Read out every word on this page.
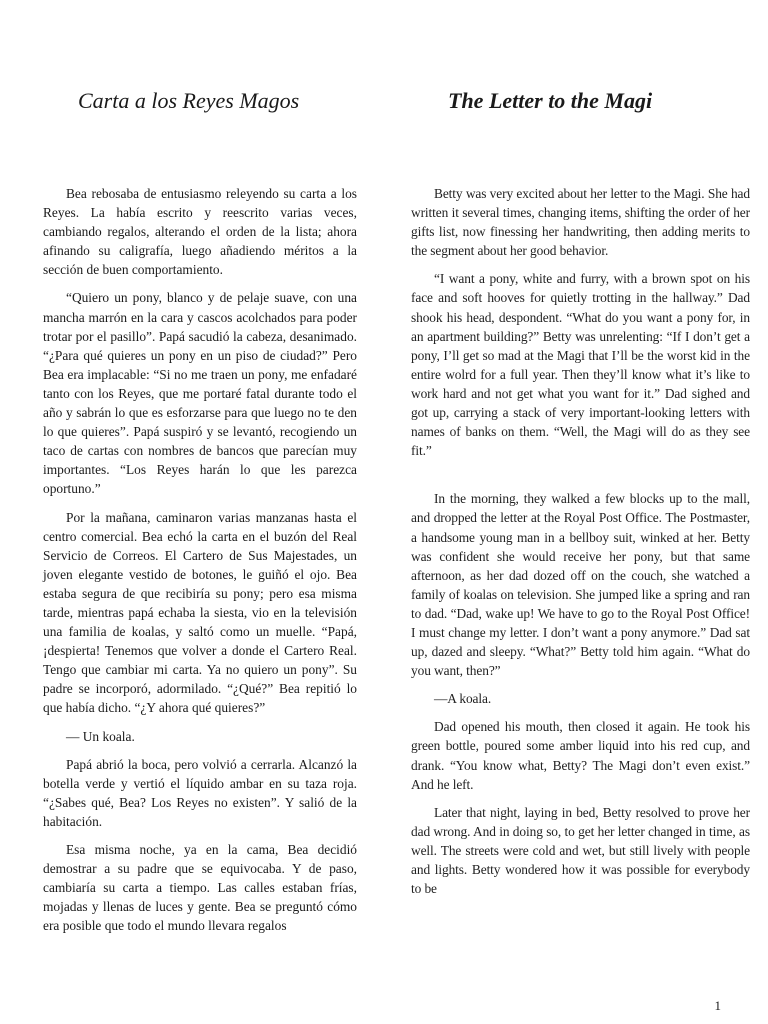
Carta a los Reyes Magos	The Letter to the Magi

Bea rebosaba de entusiasmo releyendo su carta a los Reyes. La había escrito y reescrito varias veces, cambiando regalos, alterando el orden de la lista; ahora afinando su caligrafía, luego añadiendo méritos a la sección de buen comportamiento.

“Quiero un pony, blanco y de pelaje suave, con una mancha marrón en la cara y cascos acolchados para poder trotar por el pasillo”. Papá sacudió la cabeza, desanimado. “¿Para qué quieres un pony en un piso de ciudad?” Pero Bea era implacable: “Si no me traen un pony, me enfadaré tanto con los Reyes, que me portaré fatal durante todo el año y sabrán lo que es esforzarse para que luego no te den lo que quieres”. Papá suspiró y se levantó, recogiendo un taco de cartas con nombres de bancos que parecían muy importantes. “Los Reyes harán lo que les parezca oportuno.”

Por la mañana, caminaron varias manzanas hasta el centro comercial. Bea echó la carta en el buzón del Real Servicio de Correos. El Cartero de Sus Majestades, un joven elegante vestido de botones, le guiñó el ojo. Bea estaba segura de que recibiría su pony; pero esa misma tarde, mientras papá echaba la siesta, vio en la televisión una familia de koalas, y saltó como un muelle. “Papá, ¡despierta! Tenemos que volver a donde el Cartero Real. Tengo que cambiar mi carta. Ya no quiero un pony”. Su padre se incorporó, adormilado. “¿Qué?” Bea repitió lo que había dicho. “¿Y ahora qué quieres?”

— Un koala.

Papá abrió la boca, pero volvió a cerrarla. Alcanzó la botella verde y vertió el líquido ambar en su taza roja. “¿Sabes qué, Bea? Los Reyes no existen”. Y salió de la habitación.

Esa misma noche, ya en la cama, Bea decidió demostrar a su padre que se equivocaba. Y de paso, cambiaría su carta a tiempo. Las calles estaban frías, mojadas y llenas de luces y gente. Bea se preguntó cómo era posible que todo el mundo llevara regalos

Betty was very excited about her letter to the Magi. She had written it several times, changing items, shifting the order of her gifts list, now finessing her handwriting, then adding merits to the segment about her good behavior.

“I want a pony, white and furry, with a brown spot on his face and soft hooves for quietly trotting in the hallway.” Dad shook his head, despondent. “What do you want a pony for, in an apartment building?” Betty was unrelenting: “If I don’t get a pony, I’ll get so mad at the Magi that I’ll be the worst kid in the entire wolrd for a full year. Then they’ll know what it’s like to work hard and not get what you want for it.” Dad sighed and got up, carrying a stack of very important-looking letters with names of banks on them. “Well, the Magi will do as they see fit.”

In the morning, they walked a few blocks up to the mall, and dropped the letter at the Royal Post Office. The Postmaster, a handsome young man in a bellboy suit, winked at her. Betty was confident she would receive her pony, but that same afternoon, as her dad dozed off on the couch, she watched a family of koalas on television. She jumped like a spring and ran to dad. “Dad, wake up! We have to go to the Royal Post Office! I must change my letter. I don’t want a pony anymore.” Dad sat up, dazed and sleepy. “What?” Betty told him again. “What do you want, then?”

—A koala.

Dad opened his mouth, then closed it again. He took his green bottle, poured some amber liquid into his red cup, and drank. “You know what, Betty? The Magi don’t even exist.” And he left.

Later that night, laying in bed, Betty resolved to prove her dad wrong. And in doing so, to get her letter changed in time, as well. The streets were cold and wet, but still lively with people and lights. Betty wondered how it was possible for everybody to be

1
